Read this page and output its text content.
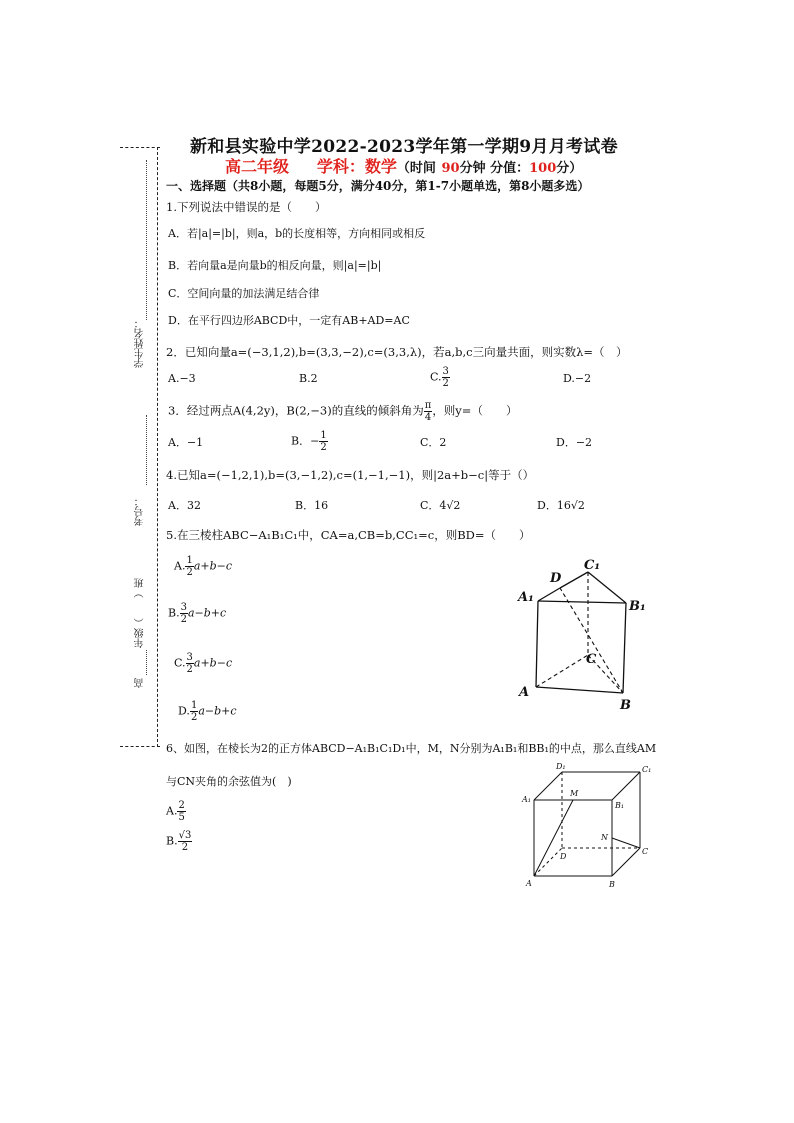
学生姓名：
考号：
）班
年级（
高
新和县实验中学2022-2023学年第一学期9月月考试卷
高二年级 学科：数学（时间 90分钟 分值：100分）
一、选择题（共8小题，每题5分，满分40分，第1-7小题单选，第8小题多选）
1.下列说法中错误的是（　　）
A．若|a|=|b|，则a，b的长度相等，方向相同或相反
B．若向量a是向量b的相反向量，则|a|=|b|
C．空间向量的加法满足结合律
D．在平行四边形ABCD中，一定有AB+AD=AC
2．已知向量a=(−3,1,2),b=(3,3,−2),c=(3,3,λ)，若a,b,c三向量共面，则实数λ=（　）
A.−3	B.2	C. $\frac{3}{2}$	D.−2
3．经过两点A(4,2y)，B(2,−3)的直线的倾斜角为 $\frac{\pi}{4}$ ，则y=（　　）
A．−1	B．− $\frac{1}{2}$	C．2	D．−2
4.已知a=(−1,2,1),b=(3,−1,2),c=(1,−1,−1)，则|2a+b−c|等于（）
A．32	B．16	C．4√2	D．16√2
5.在三棱柱ABC−A₁B₁C₁中，CA=a,CB=b,CC₁=c，则BD=（　　）
A. $\frac{1}{2} a+b-c$
B. $\frac{3}{2} a-b+c$
C. $\frac{3}{2} a+b-c$
D. $\frac{1}{2} a-b+c$
D
C₁
A₁
B₁
C
A
B
6、如图，在棱长为2的正方体ABCD−A₁B₁C₁D₁中，M，N分别为A₁B₁和BB₁的中点，那么直线AM
与CN夹角的余弦值为(　)
A. $\frac{2}{5}$
B. $\frac{√3}{2}$
D₁	C₁
A₁
M
B₁
N
D
C
A	B
